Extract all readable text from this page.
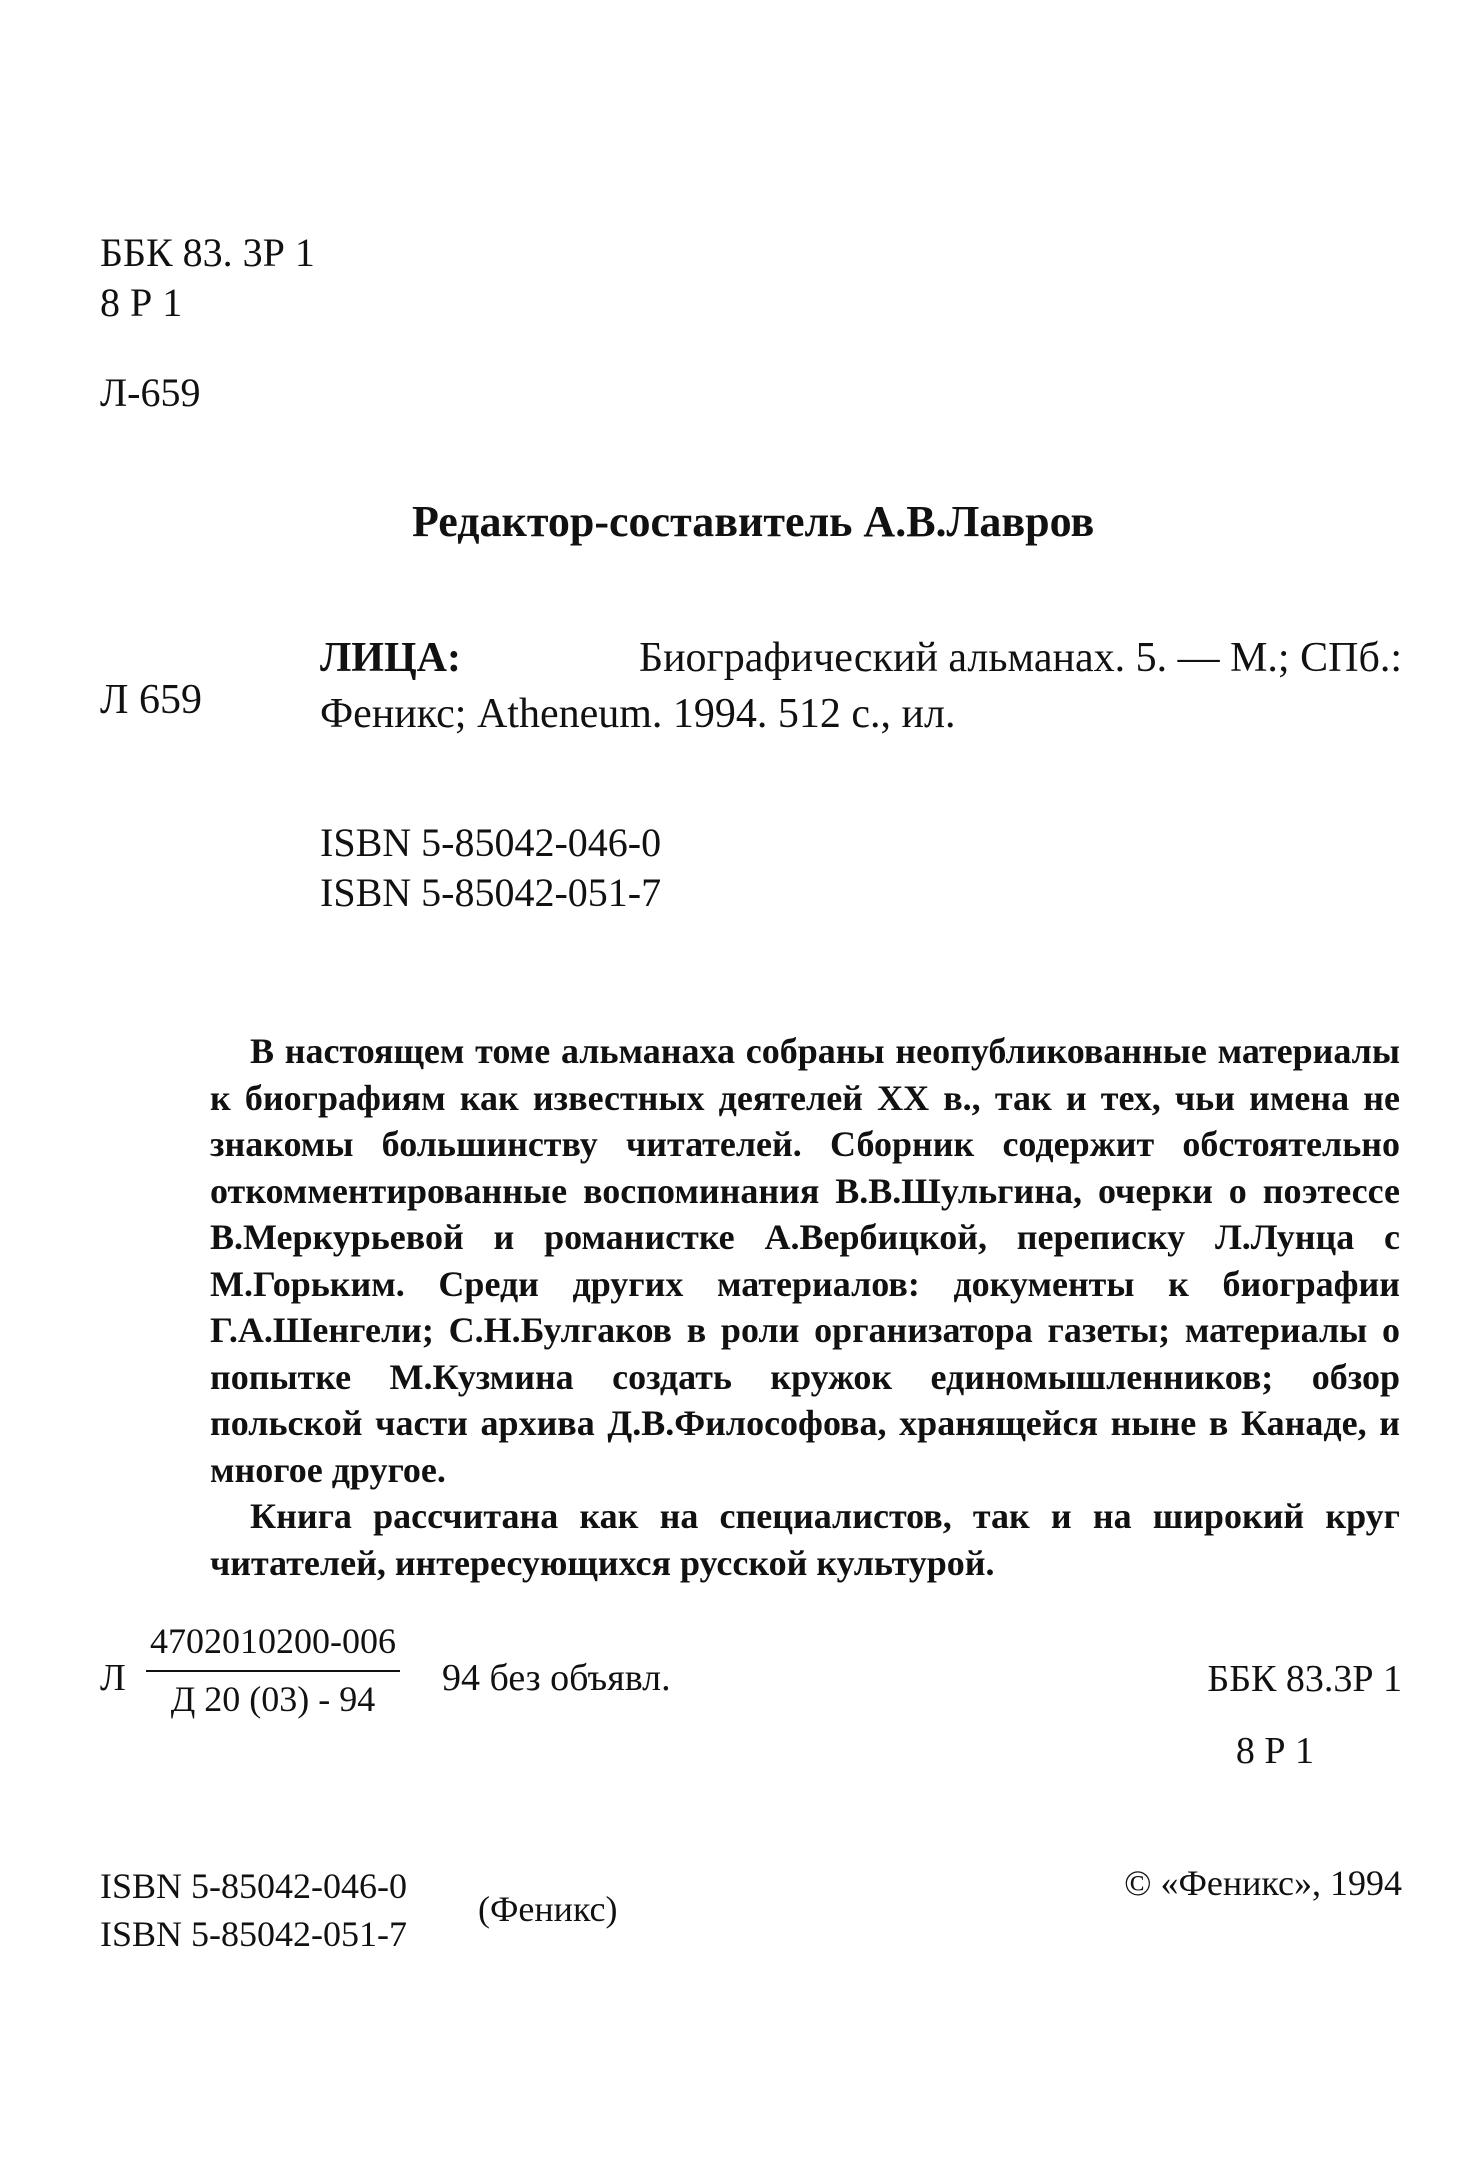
ББК 83. 3Р 1
8 Р 1
Л-659
Редактор-составитель А.В.Лавров
Л 659
ЛИЦА:	Биографический альманах. 5. — М.; СПб.:
Феникс; Atheneum. 1994. 512 с., ил.
ISBN 5-85042-046-0
ISBN 5-85042-051-7

В настоящем томе альманаха собраны неопубликованные материалы к биографиям как известных деятелей XX в., так и тех, чьи имена не знакомы большинству читателей. Сборник содержит обстоятельно откомментированные воспоминания В.В.Шульгина, очерки о поэтессе В.Меркурьевой и романистке А.Вербицкой, переписку Л.Лунца с М.Горьким. Среди других материалов: документы к биографии Г.А.Шенгели; С.Н.Булгаков в роли организатора газеты; материалы о попытке М.Кузмина создать кружок единомышленников; обзор польской части архива Д.В.Философова, хранящейся ныне в Канаде, и многое другое.

Книга рассчитана как на специалистов, так и на широкий круг читателей, интересующихся русской культурой.

Л
4702010200-006
Д 20 (03) - 94	94 без объявл.	ББК 83.3Р 1
8 Р 1
ISBN 5-85042-046-0
ISBN 5-85042-051-7
(Феникс)
© «Феникс», 1994
